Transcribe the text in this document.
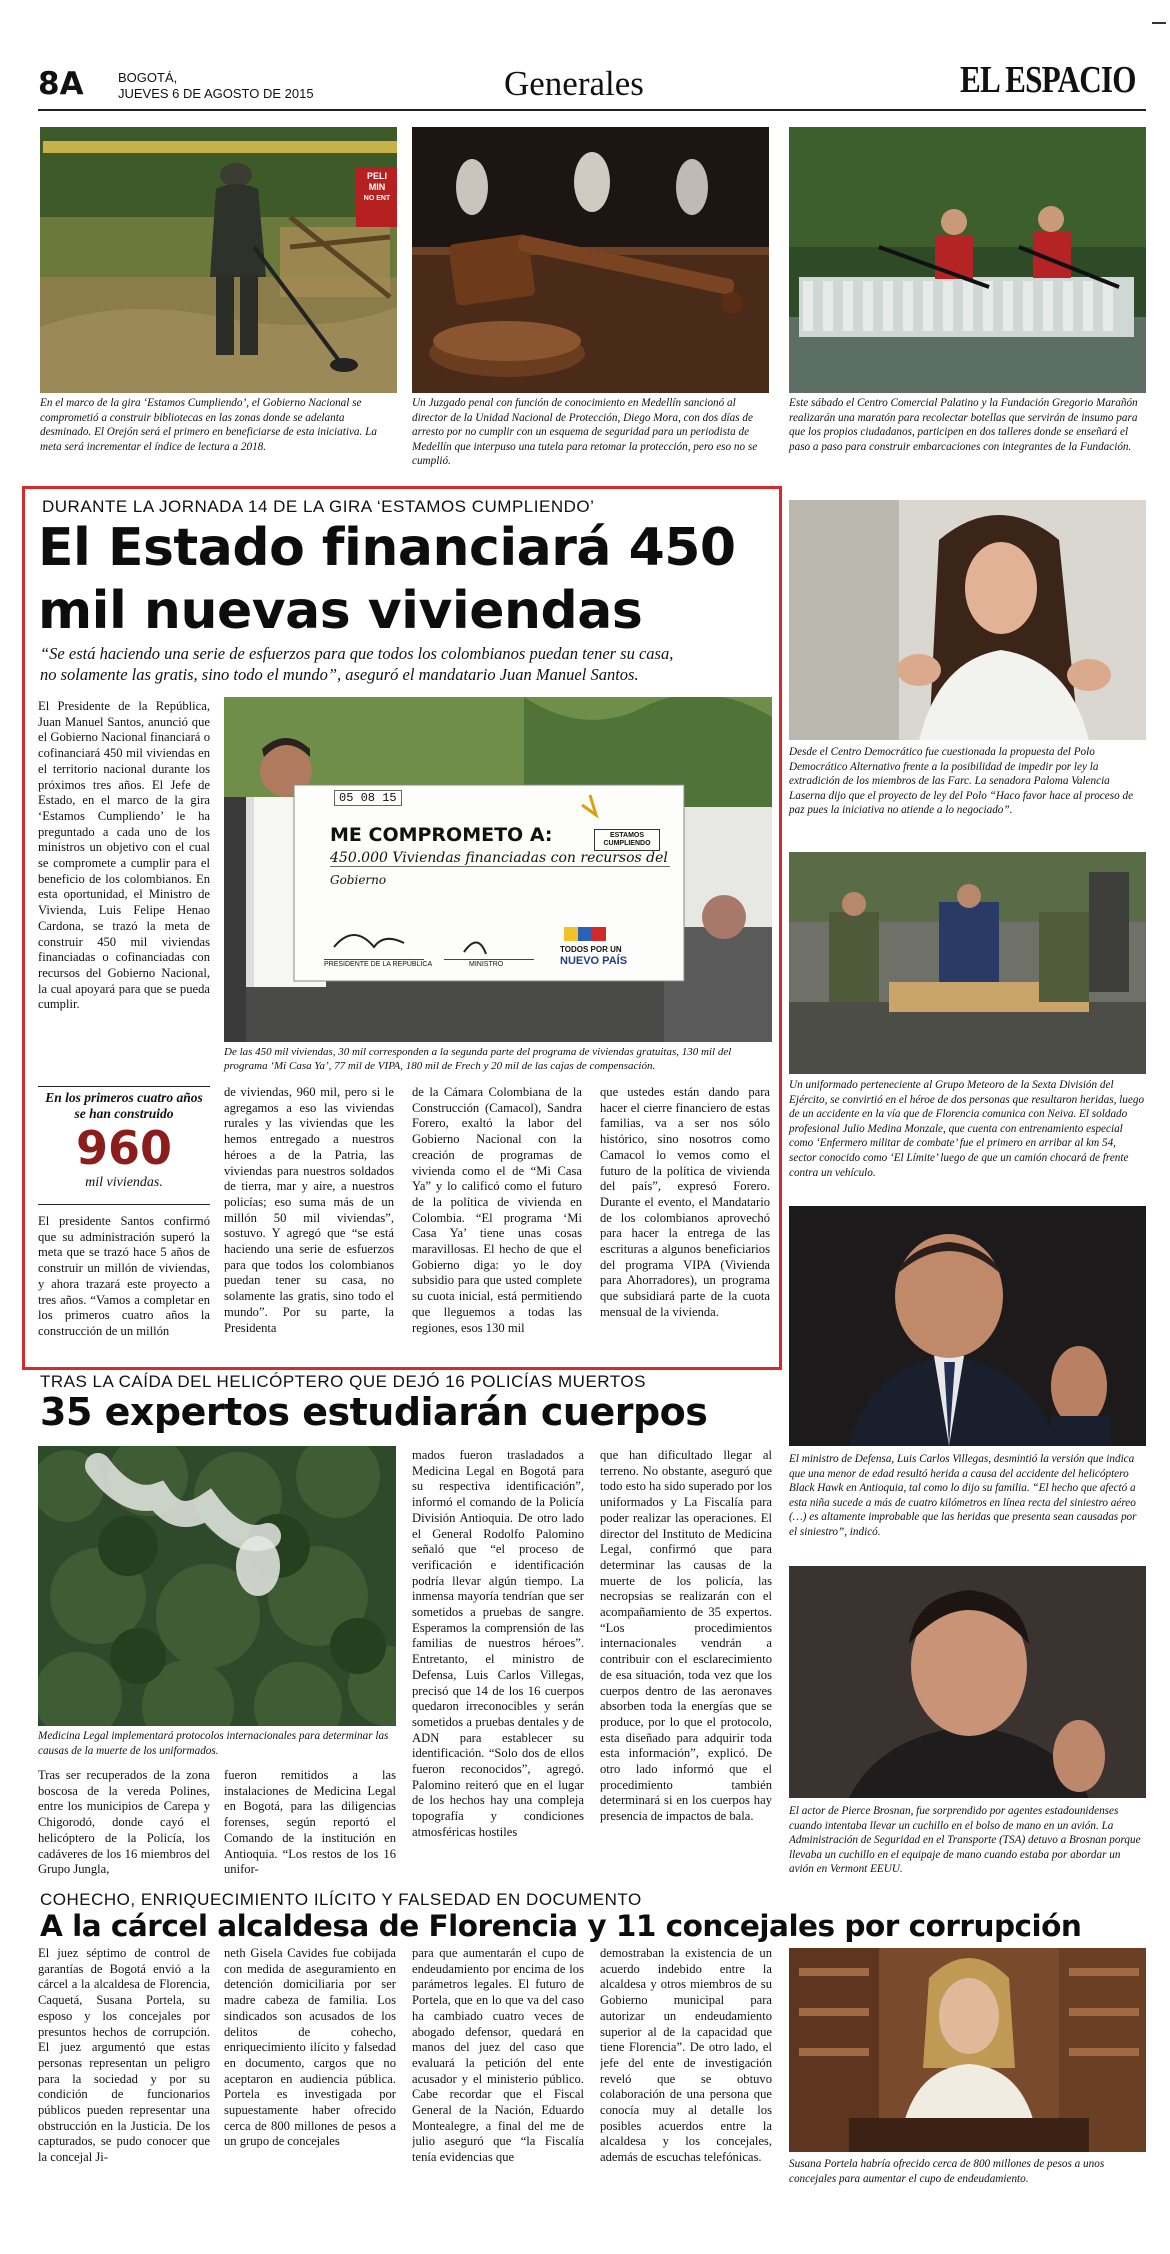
8A	BOGOTÁ,
JUEVES 6 DE AGOSTO DE 2015	Generales	EL ESPACIO
PELI
MIN
NO ENT
En el marco de la gira ‘Estamos Cumpliendo’, el Gobierno Nacional se comprometió a construir bibliotecas en las zonas donde se adelanta desminado. El Orejón será el primero en beneficiarse de esta iniciativa. La meta será incrementar el índice de lectura a 2018.
Un Juzgado penal con función de conocimiento en Medellín sancionó al director de la Unidad Nacional de Protección, Diego Mora, con dos días de arresto por no cumplir con un esquema de seguridad para un periodista de Medellín que interpuso una tutela para retomar la protección, pero eso no se cumplió.
Este sábado el Centro Comercial Palatino y la Fundación Gregorio Marañón realizarán una maratón para recolectar botellas que servirán de insumo para que los propios ciudadanos, participen en dos talleres donde se enseñará el paso a paso para construir embarcaciones con integrantes de la Fundación.
DURANTE LA JORNADA 14 DE LA GIRA ‘ESTAMOS CUMPLIENDO’
El Estado financiará 450
mil nuevas viviendas
“Se está haciendo una serie de esfuerzos para que todos los colombianos puedan tener su casa,
no solamente las gratis, sino todo el mundo”, aseguró el mandatario Juan Manuel Santos.
El Presidente de la República, Juan Manuel Santos, anunció que el Gobierno Nacional financiará o cofinanciará 450 mil viviendas en el territorio nacional durante los próximos tres años. El Jefe de Estado, en el marco de la gira ‘Estamos Cumpliendo’ le ha preguntado a cada uno de los ministros un objetivo con el cual se compromete a cumplir para el beneficio de los colombianos. En esta oportunidad, el Ministro de Vivienda, Luis Felipe Henao Cardona, se trazó la meta de construir 450 mil viviendas financiadas o cofinanciadas con recursos del Gobierno Nacional, la cual apoyará para que se pueda cumplir.
En los primeros cuatro años se han construido
960
mil viviendas.
El presidente Santos confirmó que su administración superó la meta que se trazó hace 5 años de construir un millón de viviendas, y ahora trazará este proyecto a tres años. “Vamos a completar en los primeros cuatro años la construcción de un millón
05 08 15
ME COMPROMETO A:	ESTAMOS CUMPLIENDO
450.000 Viviendas financiadas con recursos del
Gobierno
PRESIDENTE DE LA REPÚBLICA	MINISTRO
TODOS POR UN
NUEVO PAÍS
De las 450 mil viviendas, 30 mil corresponden a la segunda parte del programa de viviendas gratuitas, 130 mil del programa ‘Mi Casa Ya’, 77 mil de VIPA, 180 mil de Frech y 20 mil de las cajas de compensación.
de viviendas, 960 mil, pero si le agregamos a eso las viviendas rurales y las viviendas que les hemos entregado a nuestros héroes a de la Patria, las viviendas para nuestros soldados de tierra, mar y aire, a nuestros policías; eso suma más de un millón 50 mil viviendas”, sostuvo. Y agregó que “se está haciendo una serie de esfuerzos para que todos los colombianos puedan tener su casa, no solamente las gratis, sino todo el mundo”. Por su parte, la Presidenta
de la Cámara Colombiana de la Construcción (Camacol), Sandra Forero, exaltó la labor del Gobierno Nacional con la creación de programas de vivienda como el de “Mi Casa Ya” y lo calificó como el futuro de la política de vivienda en Colombia. “El programa ‘Mi Casa Ya’ tiene unas cosas maravillosas. El hecho de que el Gobierno diga: yo le doy subsidio para que usted complete su cuota inicial, está permitiendo que lleguemos a todas las regiones, esos 130 mil
que ustedes están dando para hacer el cierre financiero de estas familias, va a ser nos sólo histórico, sino nosotros como Camacol lo vemos como el futuro de la política de vivienda del país”, expresó Forero. Durante el evento, el Mandatario de los colombianos aprovechó para hacer la entrega de las escrituras a algunos beneficiarios del programa VIPA (Vivienda para Ahorradores), un programa que subsidiará parte de la cuota mensual de la vivienda.
TRAS LA CAÍDA DEL HELICÓPTERO QUE DEJÓ 16 POLICÍAS MUERTOS
35 expertos estudiarán cuerpos
Medicina Legal implementará protocolos internacionales para determinar las causas de la muerte de los uniformados.
Tras ser recuperados de la zona boscosa de la vereda Polines, entre los municipios de Carepa y Chigorodó, donde cayó el helicóptero de la Policía, los cadáveres de los 16 miembros del Grupo Jungla,
fueron remitidos a las instalaciones de Medicina Legal en Bogotá, para las diligencias forenses, según reportó el Comando de la institución en Antioquia. “Los restos de los 16 unifor-
mados fueron trasladados a Medicina Legal en Bogotá para su respectiva identificación”, informó el comando de la Policía División Antioquia. De otro lado el General Rodolfo Palomino señaló que “el proceso de verificación e identificación podría llevar algún tiempo. La inmensa mayoría tendrían que ser sometidos a pruebas de sangre. Esperamos la comprensión de las familias de nuestros héroes”. Entretanto, el ministro de Defensa, Luis Carlos Villegas, precisó que 14 de los 16 cuerpos quedaron irreconocibles y serán sometidos a pruebas dentales y de ADN para establecer su identificación. “Solo dos de ellos fueron reconocidos”, agregó. Palomino reiteró que en el lugar de los hechos hay una compleja topografía y condiciones atmosféricas hostiles
que han dificultado llegar al terreno. No obstante, aseguró que todo esto ha sido superado por los uniformados y La Fiscalía para poder realizar las operaciones. El director del Instituto de Medicina Legal, confirmó que para determinar las causas de la muerte de los policía, las necropsias se realizarán con el acompañamiento de 35 expertos. “Los procedimientos internacionales vendrán a contribuir con el esclarecimiento de esa situación, toda vez que los cuerpos dentro de las aeronaves absorben toda la energías que se produce, por lo que el protocolo, esta diseñado para adquirir toda esta información”, explicó. De otro lado informó que el procedimiento también determinará si en los cuerpos hay presencia de impactos de bala.
COHECHO, ENRIQUECIMIENTO ILÍCITO Y FALSEDAD EN DOCUMENTO
A la cárcel alcaldesa de Florencia y 11 concejales por corrupción
El juez séptimo de control de garantías de Bogotá envió a la cárcel a la alcaldesa de Florencia, Caquetá, Susana Portela, su esposo y los concejales por presuntos hechos de corrupción. El juez argumentó que estas personas representan un peligro para la sociedad y por su condición de funcionarios públicos pueden representar una obstrucción en la Justicia. De los capturados, se pudo conocer que la concejal Ji-
neth Gisela Cavides fue cobijada con medida de aseguramiento en detención domiciliaria por ser madre cabeza de familia. Los sindicados son acusados de los delitos de cohecho, enriquecimiento ilícito y falsedad en documento, cargos que no aceptaron en audiencia pública. Portela es investigada por supuestamente haber ofrecido cerca de 800 millones de pesos a un grupo de concejales
para que aumentarán el cupo de endeudamiento por encima de los parámetros legales. El futuro de Portela, que en lo que va del caso ha cambiado cuatro veces de abogado defensor, quedará en manos del juez del caso que evaluará la petición del ente acusador y el ministerio público. Cabe recordar que el Fiscal General de la Nación, Eduardo Montealegre, a final del me de julio aseguró que “la Fiscalía tenía evidencias que
demostraban la existencia de un acuerdo indebido entre la alcaldesa y otros miembros de su Gobierno municipal para autorizar un endeudamiento superior al de la capacidad que tiene Florencia”. De otro lado, el jefe del ente de investigación reveló que se obtuvo colaboración de una persona que conocía muy al detalle los posibles acuerdos entre la alcaldesa y los concejales, además de escuchas telefónicas.	Susana Portela habría ofrecido cerca de 800 millones de pesos a unos concejales para aumentar el cupo de endeudamiento.
Desde el Centro Democrático fue cuestionada la propuesta del Polo Democrático Alternativo frente a la posibilidad de impedir por ley la extradición de los miembros de las Farc. La senadora Paloma Valencia Laserna dijo que el proyecto de ley del Polo “Haco favor hace al proceso de paz pues la iniciativa no atiende a lo negociado”.
Un uniformado perteneciente al Grupo Meteoro de la Sexta División del Ejército, se convirtió en el héroe de dos personas que resultaron heridas, luego de un accidente en la vía que de Florencia comunica con Neiva. El soldado profesional Julio Medina Monzale, que cuenta con entrenamiento especial como ‘Enfermero militar de combate’ fue el primero en arribar al km 54, sector conocido como ‘El Límite’ luego de que un camión chocará de frente contra un vehículo.
El ministro de Defensa, Luis Carlos Villegas, desmintió la versión que indica que una menor de edad resultó herida a causa del accidente del helicóptero Black Hawk en Antioquia, tal como lo dijo su familia. “El hecho que afectó a esta niña sucede a más de cuatro kilómetros en línea recta del siniestro aéreo (…) es altamente improbable que las heridas que presenta sean causadas por el siniestro”, indicó.
El actor de Pierce Brosnan, fue sorprendido por agentes estadounidenses cuando intentaba llevar un cuchillo en el bolso de mano en un avión. La Administración de Seguridad en el Transporte (TSA) detuvo a Brosnan porque llevaba un cuchillo en el equipaje de mano cuando estaba por abordar un avión en Vermont EEUU.
